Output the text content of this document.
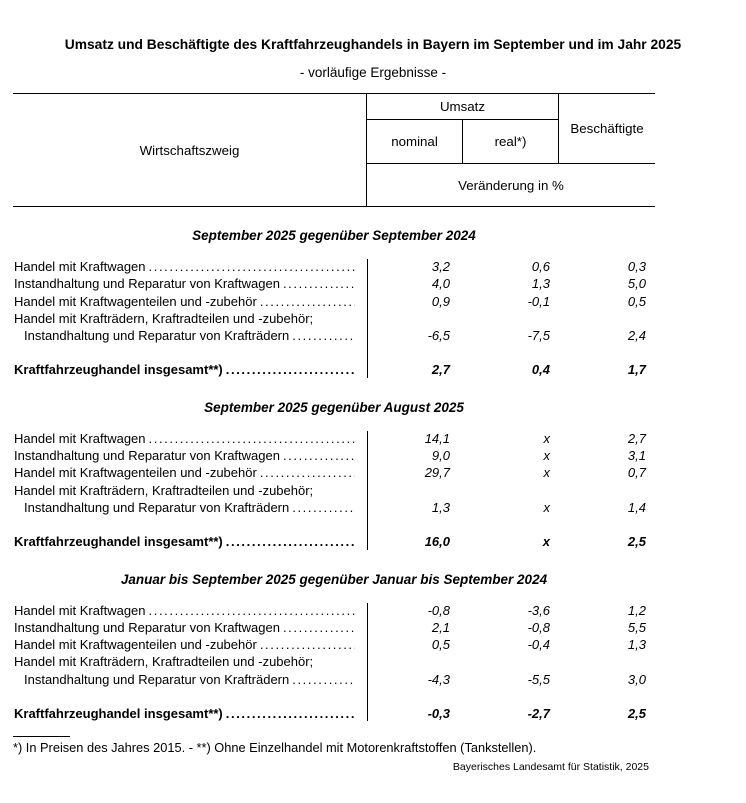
Umsatz und Beschäftigte des Kraftfahrzeughandels in Bayern im September und im Jahr 2025
- vorläufige Ergebnisse -
Wirtschaftszweig
Umsatz
nominal	real*)
Beschäftigte
Veränderung in %
September 2025 gegenüber September 2024
Handel mit Kraftwagen .....	3,2	0,6	0,3
Instandhaltung und Reparatur von Kraftwagen .....	4,0	1,3	5,0
Handel mit Kraftwagenteilen und -zubehör .....	0,9	-0,1	0,5
Handel mit Krafträdern, Kraftradteilen und -zubehör;
Instandhaltung und Reparatur von Krafträdern .....	-6,5	-7,5	2,4
Kraftfahrzeughandel insgesamt**) .....	2,7	0,4	1,7
September 2025 gegenüber August 2025
Handel mit Kraftwagen .....	14,1	x	2,7
Instandhaltung und Reparatur von Kraftwagen .....	9,0	x	3,1
Handel mit Kraftwagenteilen und -zubehör .....	29,7	x	0,7
Handel mit Krafträdern, Kraftradteilen und -zubehör;
Instandhaltung und Reparatur von Krafträdern .....	1,3	x	1,4
Kraftfahrzeughandel insgesamt**) .....	16,0	x	2,5
Januar bis September 2025 gegenüber Januar bis September 2024
Handel mit Kraftwagen .....	-0,8	-3,6	1,2
Instandhaltung und Reparatur von Kraftwagen .....	2,1	-0,8	5,5
Handel mit Kraftwagenteilen und -zubehör .....	0,5	-0,4	1,3
Handel mit Krafträdern, Kraftradteilen und -zubehör;
Instandhaltung und Reparatur von Krafträdern .....	-4,3	-5,5	3,0
Kraftfahrzeughandel insgesamt**) .....	-0,3	-2,7	2,5
*) In Preisen des Jahres 2015. - **) Ohne Einzelhandel mit Motorenkraftstoffen (Tankstellen).
Bayerisches Landesamt für Statistik, 2025
